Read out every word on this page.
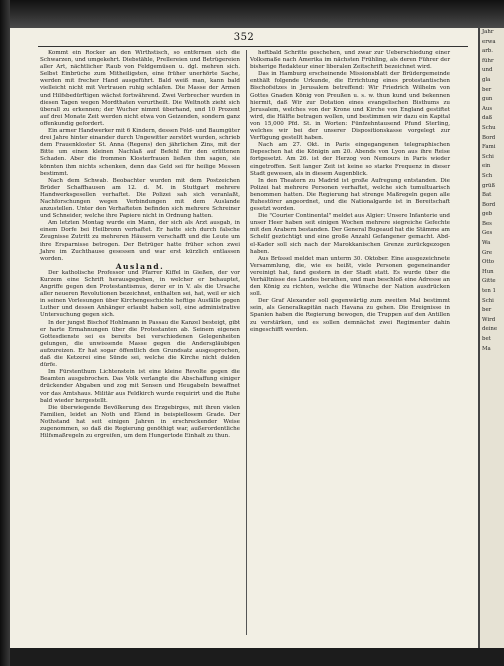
352

Kommt ein Rocker an den Wirthstisch, so entfernen sich die Schwarzen, und umgekehrt. Diebstähle, Prellereien und Betrügereien aller Art, nächtlicher Raub von Feldgemüsen u. dgl. mehren sich. Selbst Einbrüche zum Mitheiligsten, eine früher unerhörte Sache, werden mit frecher Hand ausgeführt. Bald weiß man, kann bald vielleicht nicht mit Vertrauen ruhig schlafen. Die Masse der Armen und Hilfsbedürftigen wächst fortwährend. Zwei Verbrecher wurden in diesen Tagen wegen Mordthaten verurtheilt. Die Weltnoth zieht sich überall zu erkennen; der Wucher nimmt überhand, und 10 Prozent auf drei Monate Zeit werden nicht etwa von Geizenden, sondern ganz offenkundig gefordert.

Ein armer Handwerker mit 6 Kindern, dessen Feld- und Baumgüter drei Jahre hinter einander durch Ungewitter zerstört wurden, schrieb dem Frauenkloster St. Anna (Regens) den jährlichen Zins, mit der Bitte um einen kleinen Nachlaß auf Befehl für den erlittenen Schaden. Aber die frommen Klosterfrauen ließen ihm sagen, sie könnten ihm nichts schenken, denn das Geld sei für heilige Messen bestimmt.

Nach dem Schwab. Beobachter wurden mit dem Postzeichen Brüder Schaffhausen am 12. d. M. in Stuttgart mehrere Handwerksgesellen verhaftet. Die Polizei sah sich veranlaßt, Nachforschungen wegen Verbindungen mit dem Auslande anzustellen. Unter den Verhafteten befinden sich mehrere Schreiner und Schneider, welche ihre Papiere nicht in Ordnung hatten.

Am letzten Montag wurde ein Mann, der sich als Arzt ausgab, in einem Dorfe bei Heilbronn verhaftet. Er hatte sich durch falsche Zeugnisse Zutritt zu mehreren Häusern verschafft und die Leute um ihre Ersparnisse betrogen. Der Betrüger hatte früher schon zwei Jahre im Zuchthause gesessen und war erst kürzlich entlassen worden.

Ausland.

Der katholische Professor und Pfarrer Kiffel in Gießen, der vor Kurzem eine Schrift herausgegeben, in welcher er behauptet, Angriffe gegen den Protestantismus, derer er in V. als die Ursache aller neueren Revolutionen bezeichnet, enthalten sei, hat, weil er sich in seinen Vorlesungen über Kirchengeschichte heftige Ausfälle gegen Luther und dessen Anhänger erlaubt haben soll, eine administrative Untersuchung gegen sich.

In der jungst Bischof Hohlmann in Passau die Kanzel besteigt, gibt er harte Ermahnungen über die Protestanten ab. Seinem eigenen Gottesdienste sei es bereits bei verschiedenen Gelegenheiten gelungen, die unwissende Masse gegen die Andersgläubigen aufzureizen. Er hat sogar öffentlich den Grundsatz ausgesprochen, daß die Ketzerei eine Sünde sei, welche die Kirche nicht dulden dürfe.

Im Fürstenthum Lichtenstein ist eine kleine Revolte gegen die Beamten ausgebrochen. Das Volk verlangte die Abschaffung einiger drückender Abgaben und zog mit Sensen und Heugabeln bewaffnet vor das Amtshaus. Militär aus Feldkirch wurde requirirt und die Ruhe bald wieder hergestellt.

Die überwiegende Bevölkerung des Erzgebirges, mit ihren vielen Familien, leidet an Noth und Elend in beispiellosem Grade. Der Nothstand hat seit einigen Jahren in erschreckender Weise zugenommen, so daß die Regierung genöthigt war, außerordentliche Hilfsmaßregeln zu ergreifen, um dem Hungertode Einhalt zu thun.

heftbald Schritte geschehen, und zwar zur Ueberschiedung einer Volksmaße nach Amerika im nächsten Frühling, als deren Führer der bisherige Redakteur einer liberalen Zeitschrift bezeichnet wird.

Das in Hamburg erscheinende Missionsblatt der Brüdergemeinde enthält folgende Urkunde, die Errichtung eines protestantischen Bischofsitzes in Jerusalem betreffend: Wir Friedrich Wilhelm von Gottes Gnaden König von Preußen u. s. w. thun kund und bekennen hiermit, daß Wir zur Dotation eines evangelischen Bisthums zu Jerusalem, welches von der Krone und Kirche von England gestiftet wird, die Hälfte betragen wollen, und bestimmen wir dazu ein Kapital von 15,000 Pfd. St. in Worten: Fünfzehntausend Pfund Sterling, welches wir bei der unserer Dispositionskasse vorgelegt zur Verfügung gestellt haben.

Nach am 27. Okt. in Paris eingegangenen telegraphischen Depeschen hat die Königin am 20. Abends von Lyon aus ihre Reise fortgesetzt. Am 26. ist der Herzog von Nemours in Paris wieder eingetroffen. Seit langer Zeit ist keine so starke Frequenz in dieser Stadt gewesen, als in diesem Augenblick.

In den Theatern zu Madrid ist große Aufregung entstanden. Die Polizei hat mehrere Personen verhaftet, welche sich tumultuarisch benommen hatten. Die Regierung hat strenge Maßregeln gegen alle Ruhestörer angeordnet, und die Nationalgarde ist in Bereitschaft gesetzt worden.

Die "Courier Continental" meldet aus Algier: Unsere Infanterie und unser Heer haben seit einigen Wochen mehrere siegreiche Gefechte mit den Arabern bestanden. Der General Bugeaud hat die Stämme am Schelif gezüchtigt und eine große Anzahl Gefangener gemacht. Abd-el-Kader soll sich nach der Marokkanischen Grenze zurückgezogen haben.

Aus Brüssel meldet man unterm 30. Oktober. Eine ausgezeichnete Versammlung, die, wie es heißt, viele Personen gegeneinander vereinigt hat, fand gestern in der Stadt statt. Es wurde über die Verhältnisse des Landes berathen, und man beschloß eine Adresse an den König zu richten, welche die Wünsche der Nation ausdrücken soll.

Der Graf Alexander soll gegenwärtig zum zweiten Mal bestimmt sein, als Generalkapitän nach Havana zu gehen. Die Ereignisse in Spanien haben die Regierung bewogen, die Truppen auf den Antillen zu verstärken, und es sollen demnächst zwei Regimenter dahin eingeschifft werden.

Jahr
erwa
arb.
führ
und
gla
ber
gun
Aus
daß
Schu
Bord
Fami
Schi
ein
Sch
grüß
Bat
Bord
geb
Bes
Ges
Wa
Gre
Otto
Hun
Gitte
ten 1
Schi
ber
Wird
deine
bet
Ma
